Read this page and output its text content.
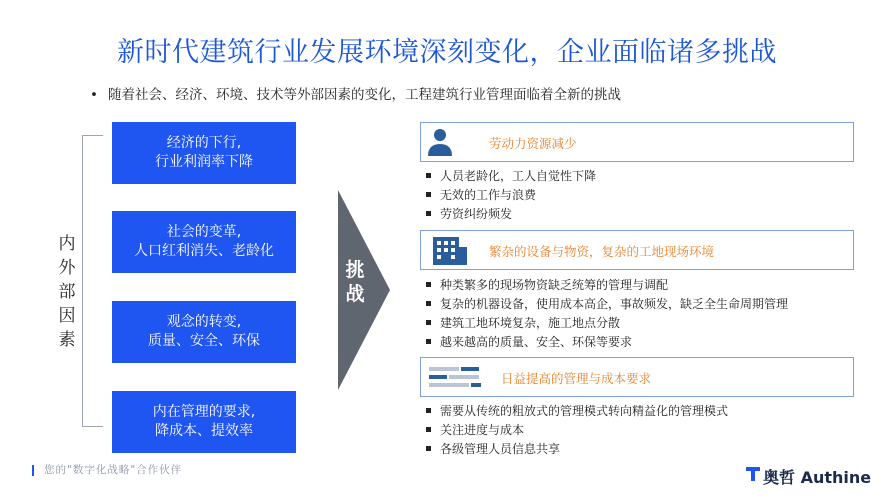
新时代建筑行业发展环境深刻变化，企业面临诸多挑战
• 随着社会、经济、环境、技术等外部因素的变化，工程建筑行业管理面临着全新的挑战
内外部因素
经济的下行,
行业利润率下降
社会的变革,
人口红利消失、老龄化
观念的转变,
质量、安全、环保
内在管理的要求,
降成本、提效率
挑战
劳动力资源减少
人员老龄化，工人自觉性下降
无效的工作与浪费
劳资纠纷频发
繁杂的设备与物资，复杂的工地现场环境
种类繁多的现场物资缺乏统筹的管理与调配
复杂的机器设备，使用成本高企，事故频发，缺乏全生命周期管理
建筑工地环境复杂，施工地点分散
越来越高的质量、安全、环保等要求
日益提高的管理与成本要求
需要从传统的粗放式的管理模式转向精益化的管理模式
关注进度与成本
各级管理人员信息共享
您的"数字化战略"合作伙伴	奥哲 Authine
